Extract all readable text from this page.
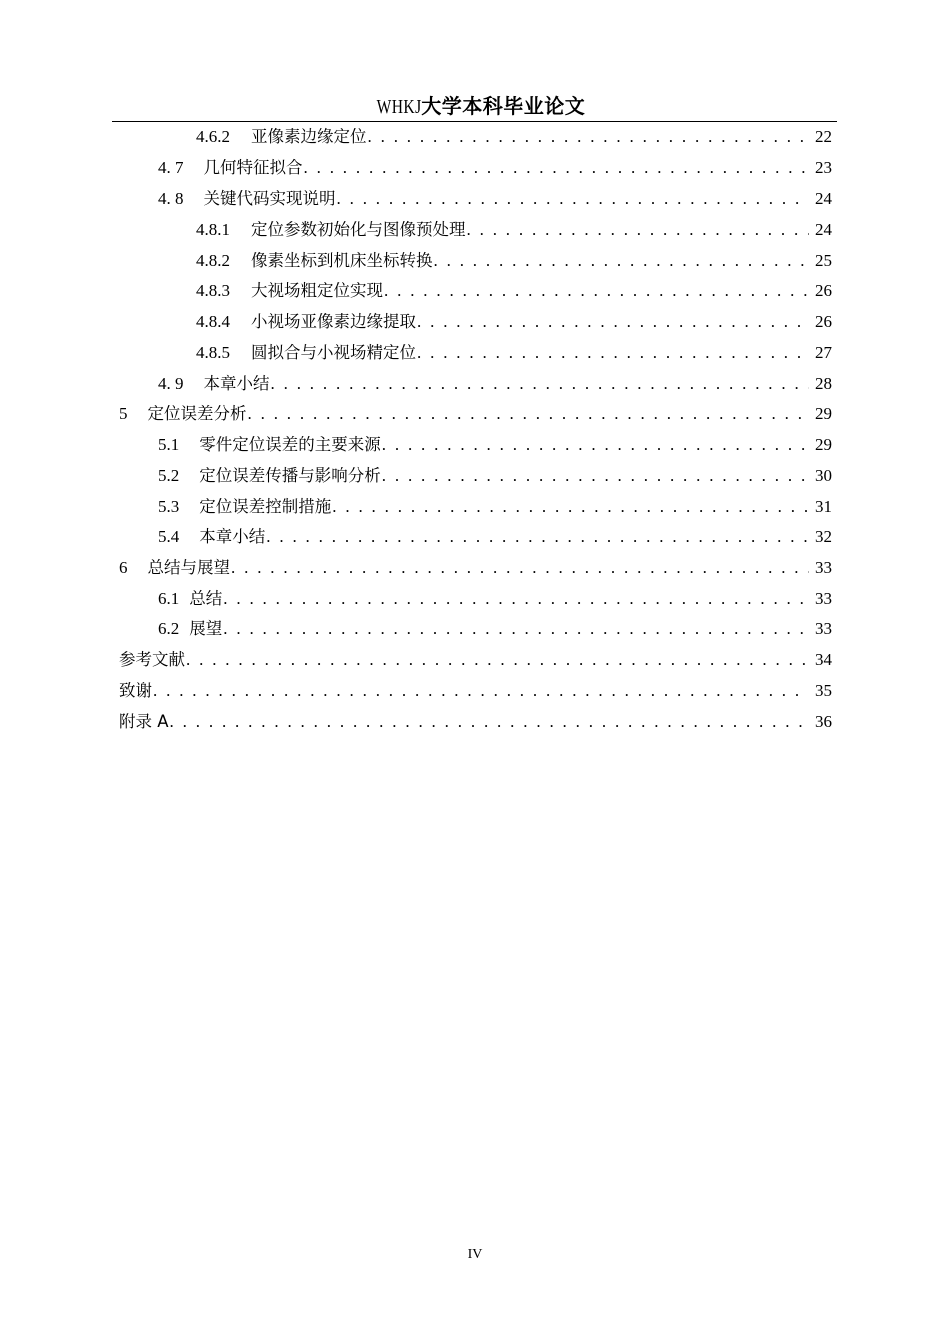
WHKJ大学本科毕业论文
4.6.2 亚像素边缘定位 . . .	22
4. 7 几何特征拟合 . . .	23
4. 8 关键代码实现说明 . . .	24
4.8.1 定位参数初始化与图像预处理 . . .	24
4.8.2 像素坐标到机床坐标转换 . . .	25
4.8.3 大视场粗定位实现 . . .	26
4.8.4 小视场亚像素边缘提取 . . .	26
4.8.5 圆拟合与小视场精定位 . . .	27
4. 9 本章小结 . . .	28
5 定位误差分析 . . .	29
5.1 零件定位误差的主要来源 . . .	29
5.2 定位误差传播与影响分析 . . .	30
5.3 定位误差控制措施 . . .	31
5.4 本章小结 . . .	32
6 总结与展望 . . .	33
6.1 总结 . . .	33
6.2 展望 . . .	33
参考文献 . . .	34
致谢 . . .	35
附录 A . . .	36
IV
